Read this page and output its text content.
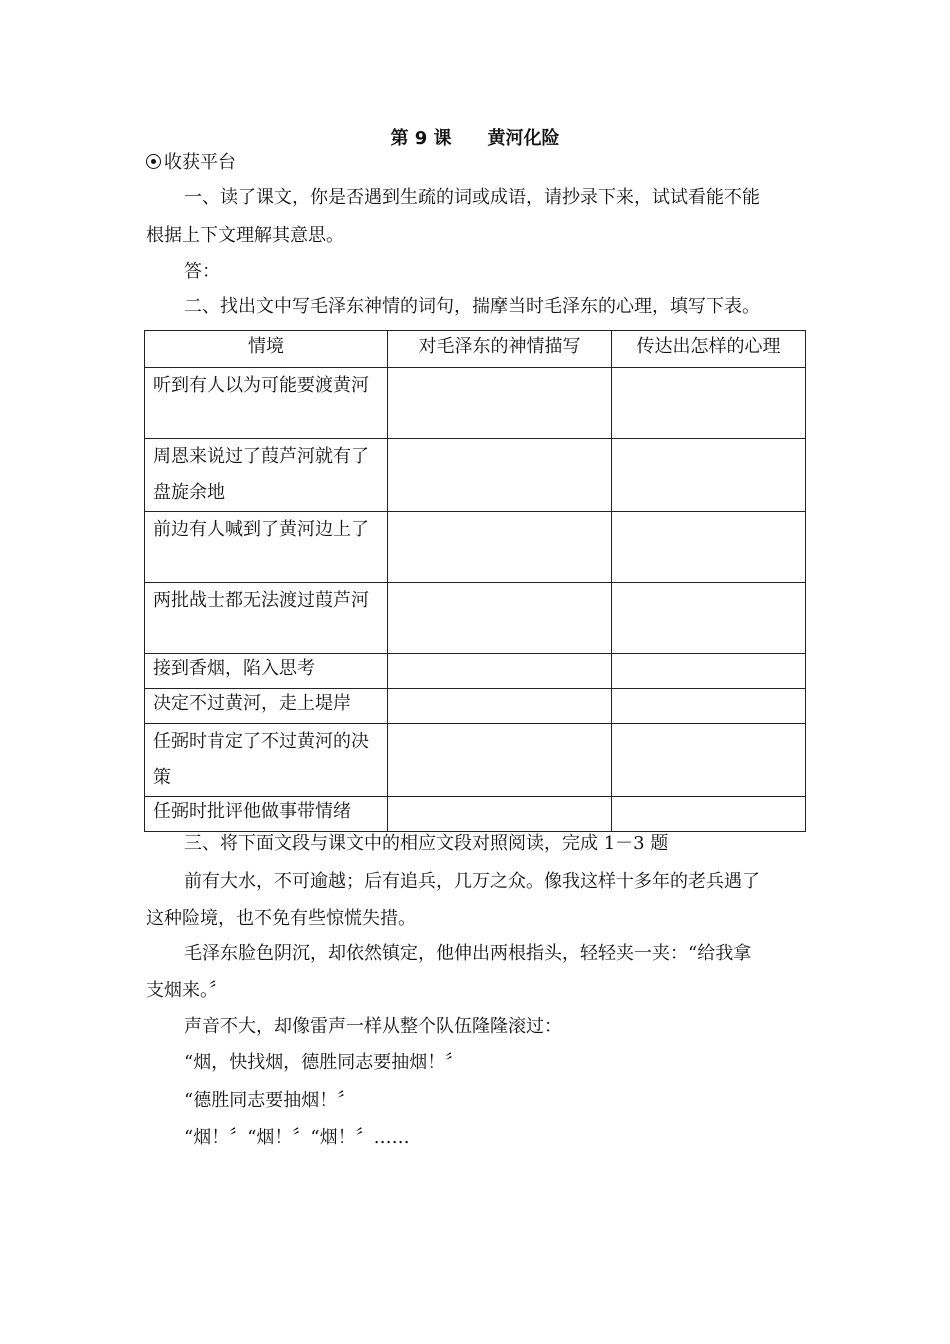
第 9 课　　黄河化险
收获平台
一、读了课文，你是否遇到生疏的词或成语，请抄录下来，试试看能不能
根据上下文理解其意思。
答：
二、找出文中写毛泽东神情的词句，揣摩当时毛泽东的心理，填写下表。
情境	对毛泽东的神情描写	传达出怎样的心理
听到有人以为可能要渡黄河		
周恩来说过了葭芦河就有了盘旋余地		
前边有人喊到了黄河边上了		
两批战士都无法渡过葭芦河		
接到香烟，陷入思考		
决定不过黄河，走上堤岸		
任弼时肯定了不过黄河的决策		
任弼时批评他做事带情绪		
三、将下面文段与课文中的相应文段对照阅读，完成 1－3 题
前有大水，不可逾越；后有追兵，几万之众。像我这样十多年的老兵遇了
这种险境，也不免有些惊慌失措。
毛泽东脸色阴沉，却依然镇定，他伸出两根指头，轻轻夹一夹：“给我拿
支烟来。〞
声音不大，却像雷声一样从整个队伍隆隆滚过：
“烟，快找烟，德胜同志要抽烟！〞
“德胜同志要抽烟！〞
“烟！〞“烟！〞“烟！〞……
